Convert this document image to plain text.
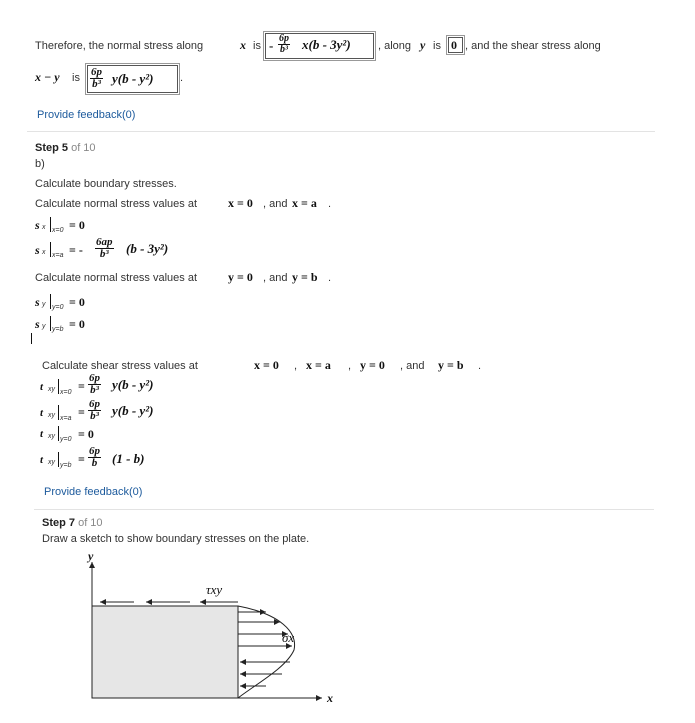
Therefore, the normal stress along	x is - $\frac{6p}{\text{b³}} x(b - 3y^2)$ , along y is 0 , and the shear stress along
x − y is $\frac{6p}{\text{b³}} y(b - y^2)$ .
Provide feedback(0)
Step 5 of 10
b)
Calculate boundary stresses.
Calculate normal stress values at	x = 0 , and x = a .
s x x=0 = 0
s x x=a = - $\frac{6ap}{\text{b³}} (b - 3y^2)$
Calculate normal stress values at	y = 0 , and y = b .
s y y=0 = 0
s y y=b = 0
Calculate shear stress values at	x = 0 , x = a , y = 0 , and y = b .
t xy $x=0 = \frac{6p}{\text{b³}} y(b - y^2)$
t xy $x=a = \frac{6p}{\text{b³}} y(b - y^2)$
t xy y=0 = 0
t xy $y=b = \frac{6p}{b} (1 - b)$
Provide feedback(0)
Step 7 of 10
Draw a sketch to show boundary stresses on the plate.
y
x
τxy
σx
